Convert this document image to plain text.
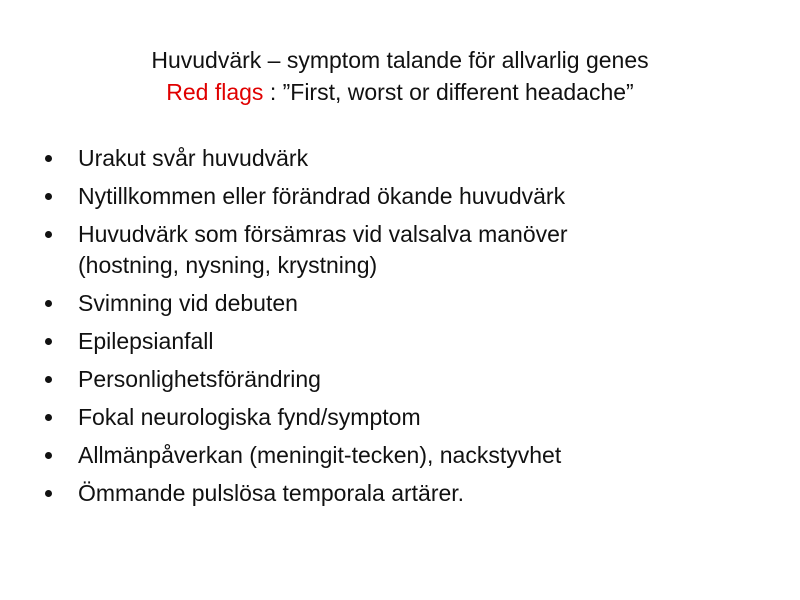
Huvudvärk – symptom talande för allvarlig genes
Red flags : ”First, worst or different headache”
Urakut svår huvudvärk
Nytillkommen eller förändrad ökande huvudvärk
Huvudvärk som försämras vid valsalva manöver
(hostning, nysning, krystning)
Svimning vid debuten
Epilepsianfall
Personlighetsförändring
Fokal neurologiska fynd/symptom
Allmänpåverkan (meningit-tecken), nackstyvhet
Ömmande pulslösa temporala artärer.
